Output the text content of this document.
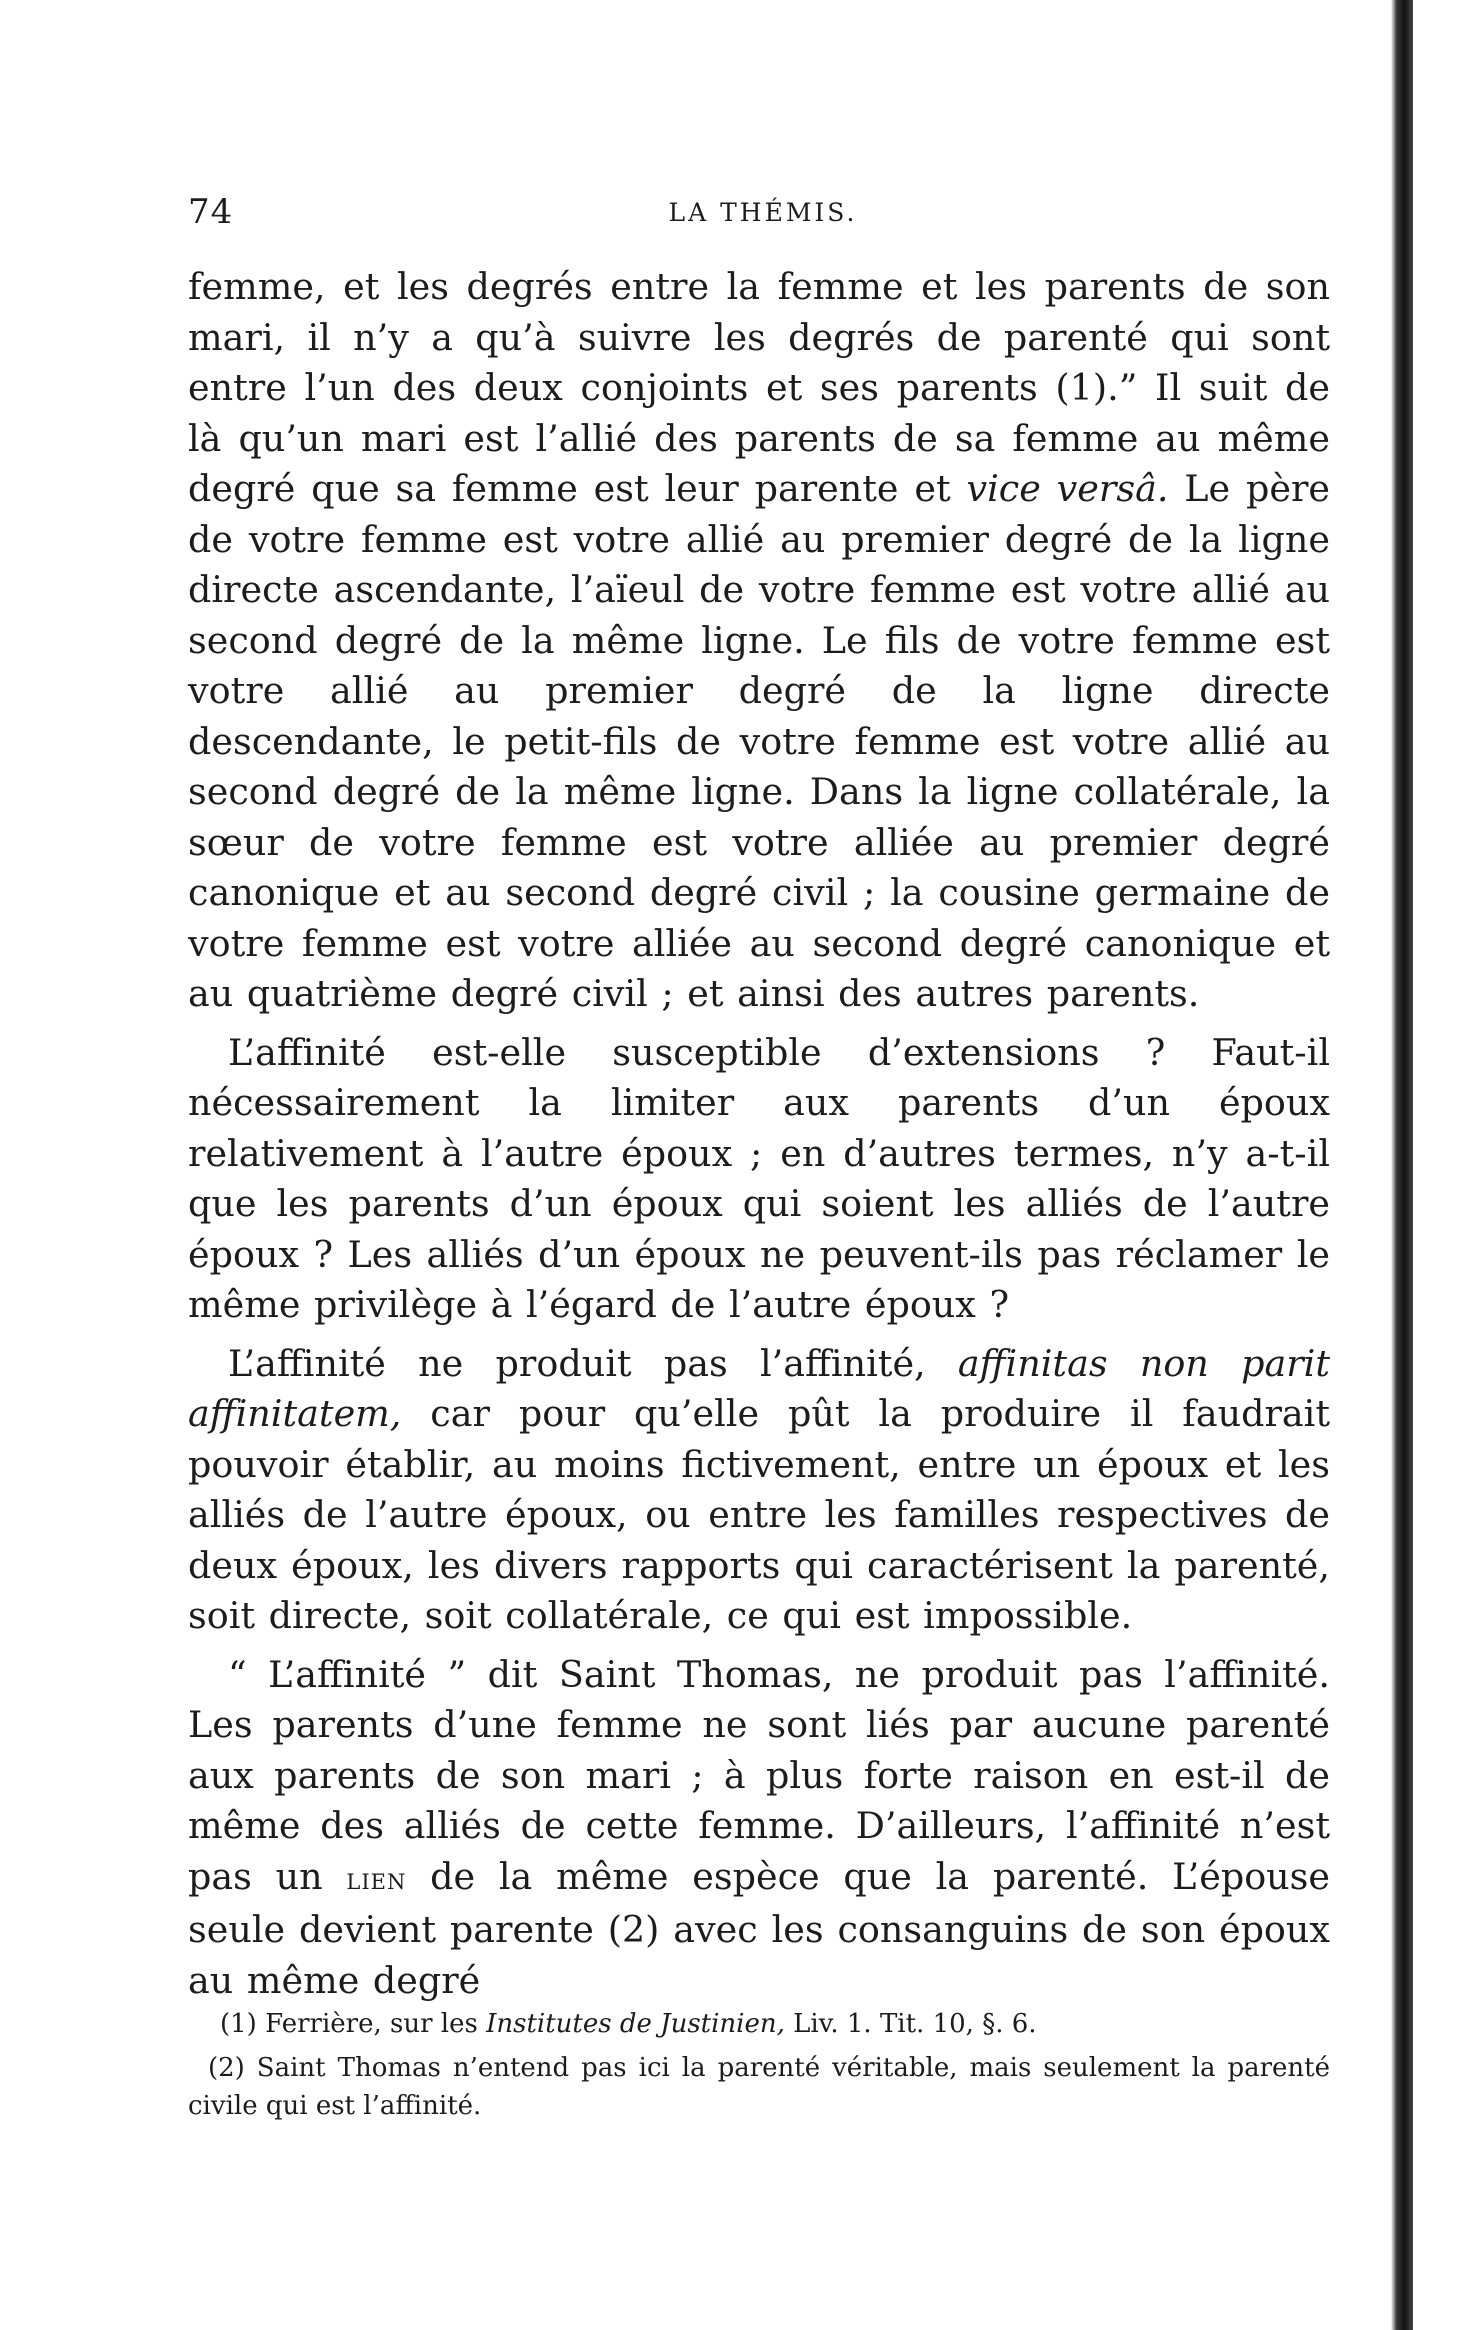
74	LA THÉMIS.

femme, et les degrés entre la femme et les parents de son mari, il n’y a qu’à suivre les degrés de parenté qui sont entre l’un des deux conjoints et ses parents (1).” Il suit de là qu’un mari est l’allié des parents de sa femme au même degré que sa femme est leur parente et vice versâ. Le père de votre femme est votre allié au premier degré de la ligne directe ascendante, l’aïeul de votre femme est votre allié au second degré de la même ligne. Le fils de votre femme est votre allié au premier degré de la ligne directe descendante, le petit-fils de votre femme est votre allié au second degré de la même ligne. Dans la ligne collatérale, la sœur de votre femme est votre alliée au premier degré canonique et au second degré civil ; la cousine germaine de votre femme est votre alliée au second degré canonique et au quatrième degré civil ; et ainsi des autres parents.

L’affinité est-elle susceptible d’extensions ? Faut-il nécessairement la limiter aux parents d’un époux relativement à l’autre époux ; en d’autres termes, n’y a-t-il que les parents d’un époux qui soient les alliés de l’autre époux ? Les alliés d’un époux ne peuvent-ils pas réclamer le même privilège à l’égard de l’autre époux ?

L’affinité ne produit pas l’affinité, affinitas non parit affinitatem, car pour qu’elle pût la produire il faudrait pouvoir établir, au moins fictivement, entre un époux et les alliés de l’autre époux, ou entre les familles respectives de deux époux, les divers rapports qui caractérisent la parenté, soit directe, soit collatérale, ce qui est impossible.

“ L’affinité ” dit Saint Thomas, ne produit pas l’affinité. Les parents d’une femme ne sont liés par aucune parenté aux parents de son mari ; à plus forte raison en est-il de même des alliés de cette femme. D’ailleurs, l’affinité n’est pas un lien de la même espèce que la parenté. L’épouse seule devient parente (2) avec les consanguins de son époux au même degré

(1) Ferrière, sur les Institutes de Justinien, Liv. 1. Tit. 10, §. 6.

(2) Saint Thomas n’entend pas ici la parenté véritable, mais seulement la parenté civile qui est l’affinité.
